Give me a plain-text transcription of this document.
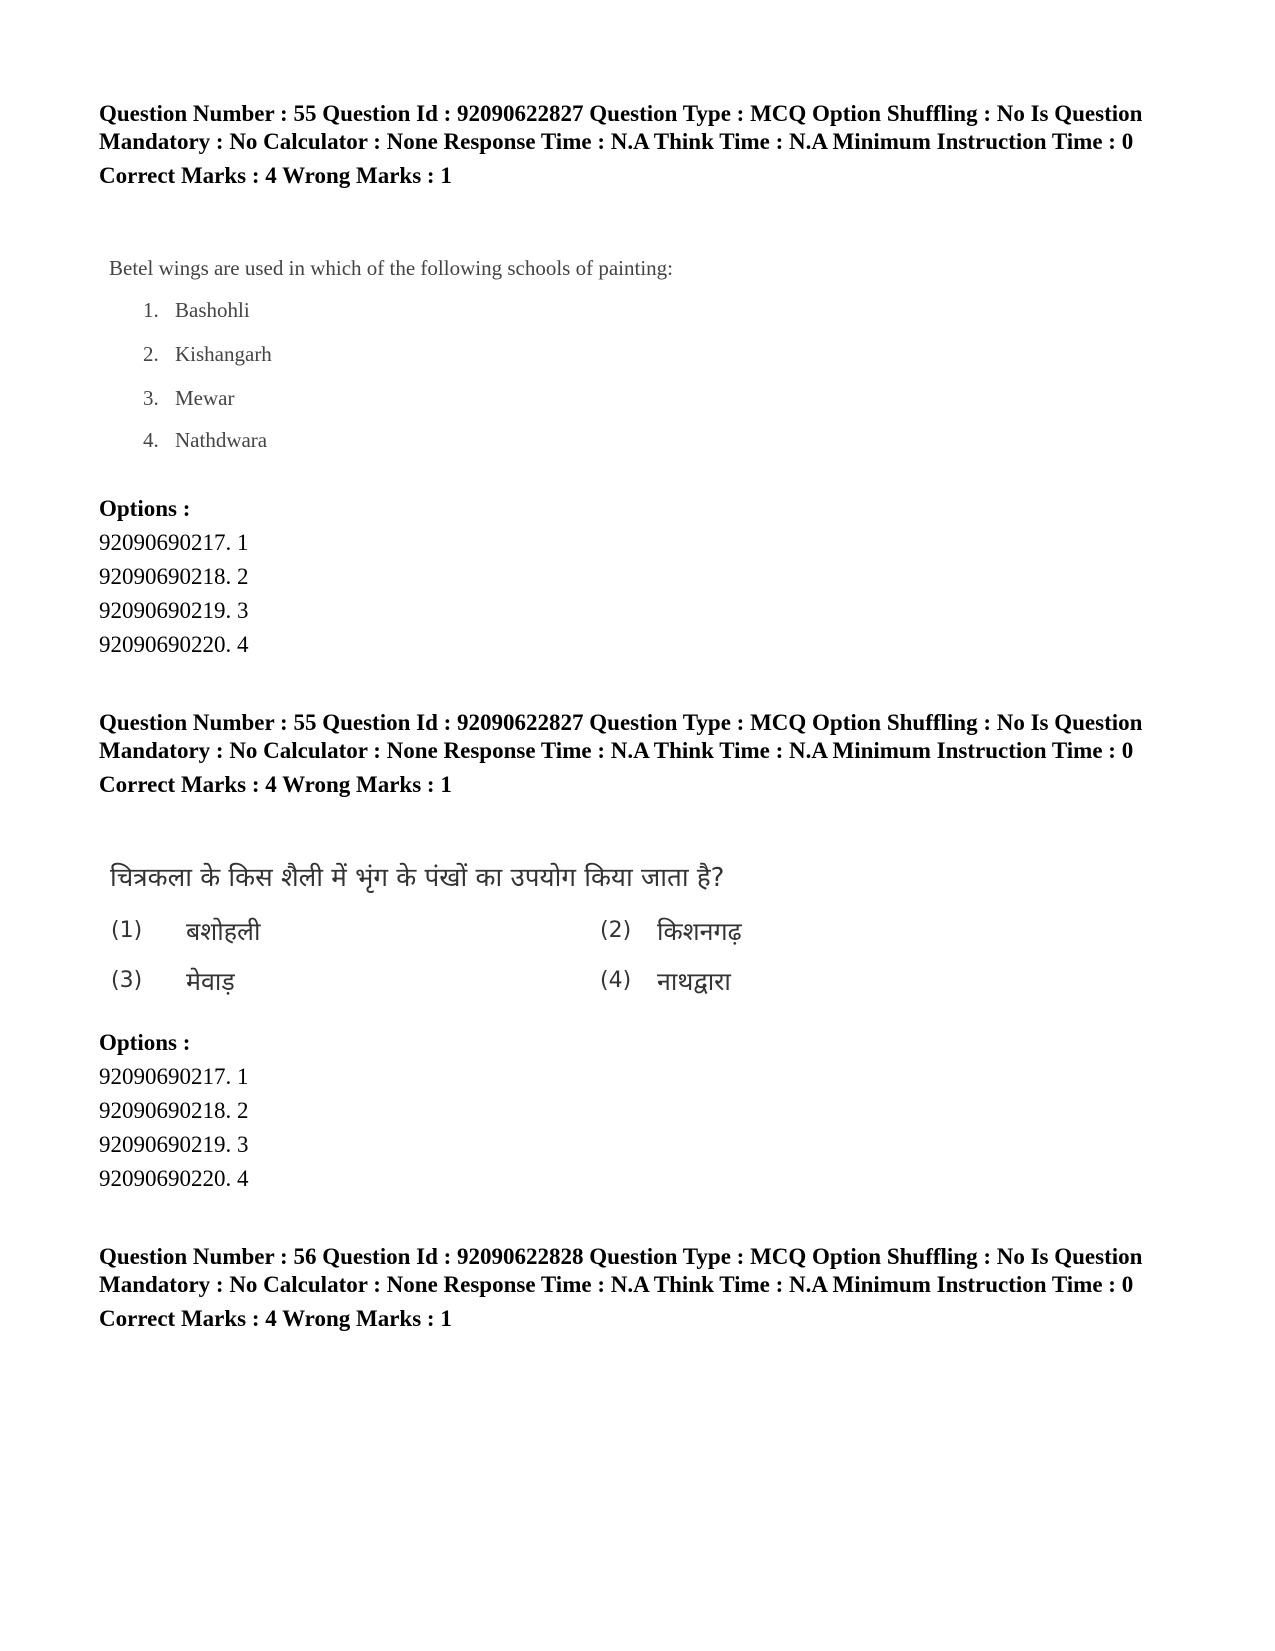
Question Number : 55 Question Id : 92090622827 Question Type : MCQ Option Shuffling : No Is Question Mandatory : No Calculator : None Response Time : N.A Think Time : N.A Minimum Instruction Time : 0
Correct Marks : 4 Wrong Marks : 1
Betel wings are used in which of the following schools of painting:
1. Bashohli
2. Kishangarh
3. Mewar
4. Nathdwara
Options :
92090690217. 1
92090690218. 2
92090690219. 3
92090690220. 4
Question Number : 55 Question Id : 92090622827 Question Type : MCQ Option Shuffling : No Is Question Mandatory : No Calculator : None Response Time : N.A Think Time : N.A Minimum Instruction Time : 0
Correct Marks : 4 Wrong Marks : 1
चित्रकला के किस शैली में भृंग के पंखों का उपयोग किया जाता है?
(1) बशोहली	(2) किशनगढ़
(3) मेवाड़	(4) नाथद्वारा
Options :
92090690217. 1
92090690218. 2
92090690219. 3
92090690220. 4
Question Number : 56 Question Id : 92090622828 Question Type : MCQ Option Shuffling : No Is Question Mandatory : No Calculator : None Response Time : N.A Think Time : N.A Minimum Instruction Time : 0
Correct Marks : 4 Wrong Marks : 1
